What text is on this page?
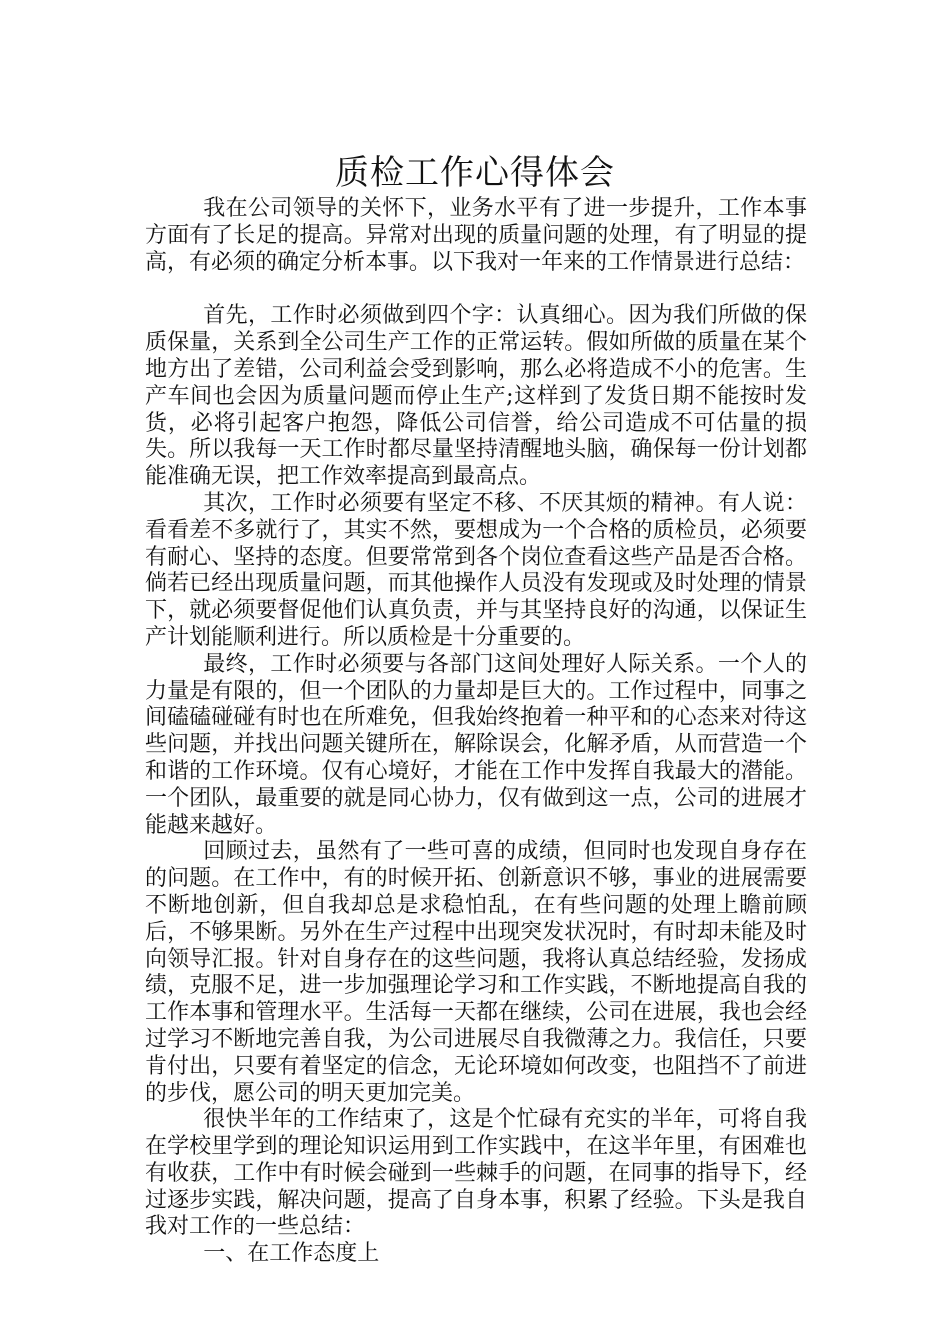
质检工作心得体会

我在公司领导的关怀下，业务水平有了进一步提升，工作本事方面有了长足的提高。异常对出现的质量问题的处理，有了明显的提高，有必须的确定分析本事。以下我对一年来的工作情景进行总结：

首先，工作时必须做到四个字：认真细心。因为我们所做的保质保量，关系到全公司生产工作的正常运转。假如所做的质量在某个地方出了差错，公司利益会受到影响，那么必将造成不小的危害。生产车间也会因为质量问题而停止生产;这样到了发货日期不能按时发货，必将引起客户抱怨，降低公司信誉，给公司造成不可估量的损失。所以我每一天工作时都尽量坚持清醒地头脑，确保每一份计划都能准确无误，把工作效率提高到最高点。

其次，工作时必须要有坚定不移、不厌其烦的精神。有人说：看看差不多就行了，其实不然，要想成为一个合格的质检员，必须要有耐心、坚持的态度。但要常常到各个岗位查看这些产品是否合格。倘若已经出现质量问题，而其他操作人员没有发现或及时处理的情景下，就必须要督促他们认真负责，并与其坚持良好的沟通，以保证生产计划能顺利进行。所以质检是十分重要的。

最终，工作时必须要与各部门这间处理好人际关系。一个人的力量是有限的，但一个团队的力量却是巨大的。工作过程中，同事之间磕磕碰碰有时也在所难免，但我始终抱着一种平和的心态来对待这些问题，并找出问题关键所在，解除误会，化解矛盾，从而营造一个和谐的工作环境。仅有心境好，才能在工作中发挥自我最大的潜能。一个团队，最重要的就是同心协力，仅有做到这一点，公司的进展才能越来越好。

回顾过去，虽然有了一些可喜的成绩，但同时也发现自身存在的问题。在工作中，有的时候开拓、创新意识不够，事业的进展需要不断地创新，但自我却总是求稳怕乱，在有些问题的处理上瞻前顾后，不够果断。另外在生产过程中出现突发状况时，有时却未能及时向领导汇报。针对自身存在的这些问题，我将认真总结经验，发扬成绩，克服不足，进一步加强理论学习和工作实践，不断地提高自我的工作本事和管理水平。生活每一天都在继续，公司在进展，我也会经过学习不断地完善自我，为公司进展尽自我微薄之力。我信任，只要肯付出，只要有着坚定的信念，无论环境如何改变，也阻挡不了前进的步伐，愿公司的明天更加完美。

很快半年的工作结束了，这是个忙碌有充实的半年，可将自我在学校里学到的理论知识运用到工作实践中，在这半年里，有困难也有收获，工作中有时候会碰到一些棘手的问题，在同事的指导下，经过逐步实践，解决问题，提高了自身本事，积累了经验。下头是我自我对工作的一些总结：

一、在工作态度上
